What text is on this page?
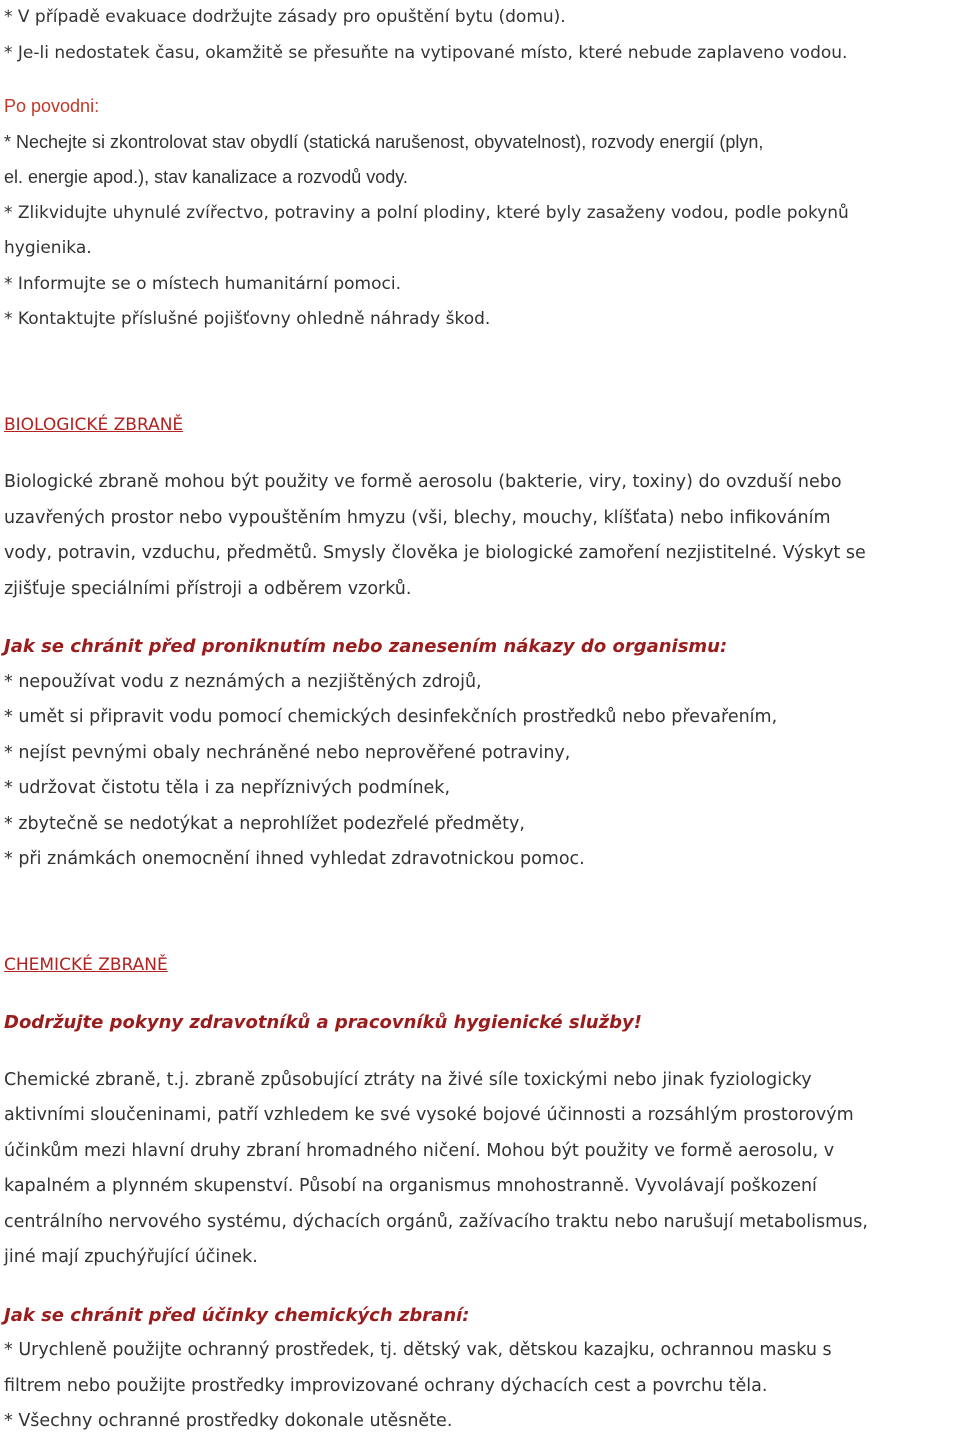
* V případě evakuace dodržujte zásady pro opuštění bytu (domu).

* Je-li nedostatek času, okamžitě se přesuňte na vytipované místo, které nebude zaplaveno vodou.

Po povodni:

* Nechejte si zkontrolovat stav obydlí (statická narušenost, obyvatelnost), rozvody energií (plyn,

el. energie apod.), stav kanalizace a rozvodů vody.

* Zlikvidujte uhynulé zvířectvo, potraviny a polní plodiny, které byly zasaženy vodou, podle pokynů

hygienika.

* Informujte se o místech humanitární pomoci.

* Kontaktujte příslušné pojišťovny ohledně náhrady škod.

BIOLOGICKÉ ZBRANĚ

Biologické zbraně mohou být použity ve formě aerosolu (bakterie, viry, toxiny) do ovzduší nebo

uzavřených prostor nebo vypouštěním hmyzu (vši, blechy, mouchy, klíšťata) nebo infikováním

vody, potravin, vzduchu, předmětů. Smysly člověka je biologické zamoření nezjistitelné. Výskyt se

zjišťuje speciálními přístroji a odběrem vzorků.

Jak se chránit před proniknutím nebo zanesením nákazy do organismu:

* nepoužívat vodu z neznámých a nezjištěných zdrojů,

* umět si připravit vodu pomocí chemických desinfekčních prostředků nebo převařením,

* nejíst pevnými obaly nechráněné nebo neprověřené potraviny,

* udržovat čistotu těla i za nepříznivých podmínek,

* zbytečně se nedotýkat a neprohlížet podezřelé předměty,

* při známkách onemocnění ihned vyhledat zdravotnickou pomoc.

CHEMICKÉ ZBRANĚ

Dodržujte pokyny zdravotníků a pracovníků hygienické služby!

Chemické zbraně, t.j. zbraně způsobující ztráty na živé síle toxickými nebo jinak fyziologicky

aktivními sloučeninami, patří vzhledem ke své vysoké bojové účinnosti a rozsáhlým prostorovým

účinkům mezi hlavní druhy zbraní hromadného ničení. Mohou být použity ve formě aerosolu, v

kapalném a plynném skupenství. Působí na organismus mnohostranně. Vyvolávají poškození

centrálního nervového systému, dýchacích orgánů, zažívacího traktu nebo narušují metabolismus,

jiné mají zpuchýřující účinek.

Jak se chránit před účinky chemických zbraní:

* Urychleně použijte ochranný prostředek, tj. dětský vak, dětskou kazajku, ochrannou masku s

filtrem nebo použijte prostředky improvizované ochrany dýchacích cest a povrchu těla.

* Všechny ochranné prostředky dokonale utěsněte.
